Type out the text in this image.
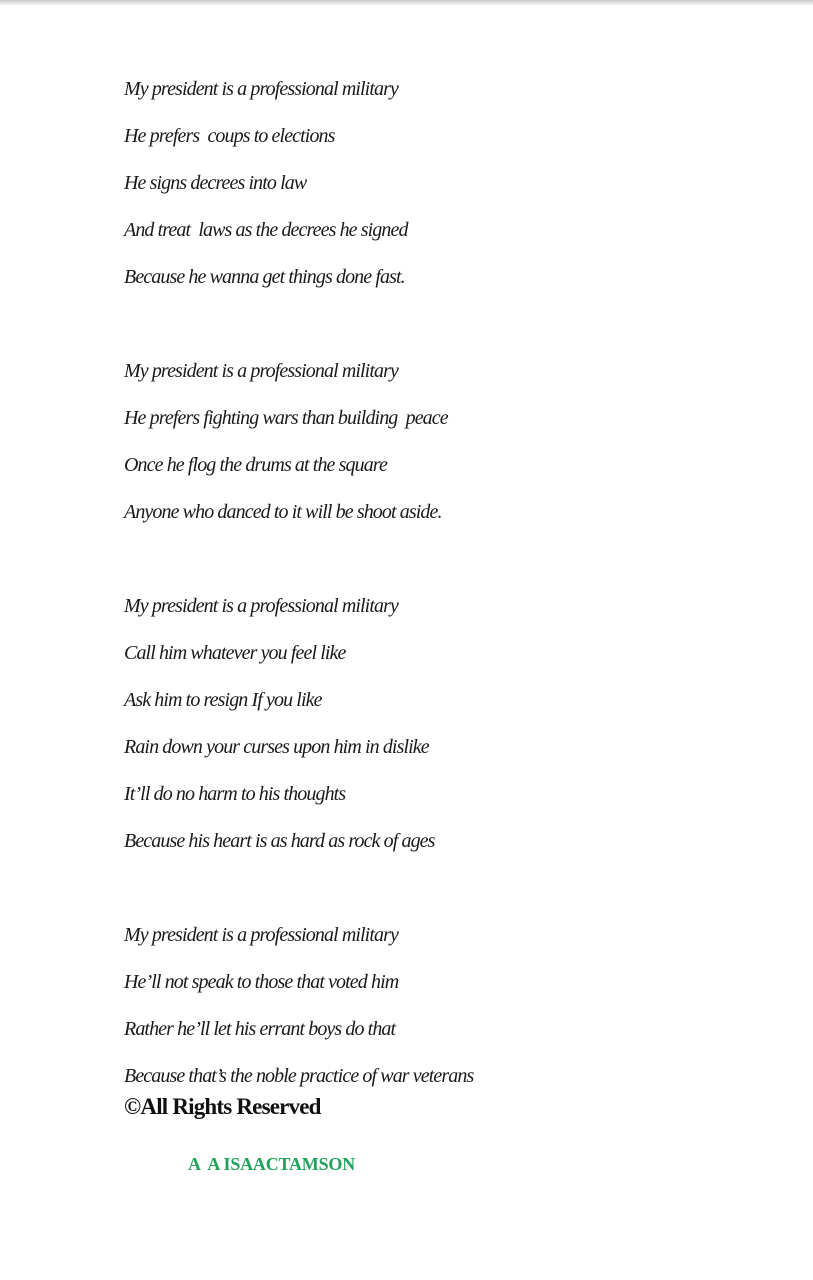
My president is a professional military
He prefers  coups to elections
He signs decrees into law
And treat  laws as the decrees he signed
Because he wanna get things done fast.
My president is a professional military
He prefers fighting wars than building  peace
Once he flog the drums at the square
Anyone who danced to it will be shoot aside.
My president is a professional military
Call him whatever you feel like
Ask him to resign If you like
Rain down your curses upon him in dislike
It’ll do no harm to his thoughts
Because his heart is as hard as rock of ages
My president is a professional military
He’ll not speak to those that voted him
Rather he’ll let his errant boys do that
Because that’s the noble practice of war veterans
©All Rights Reserved
A  A ISAACTAMSON
